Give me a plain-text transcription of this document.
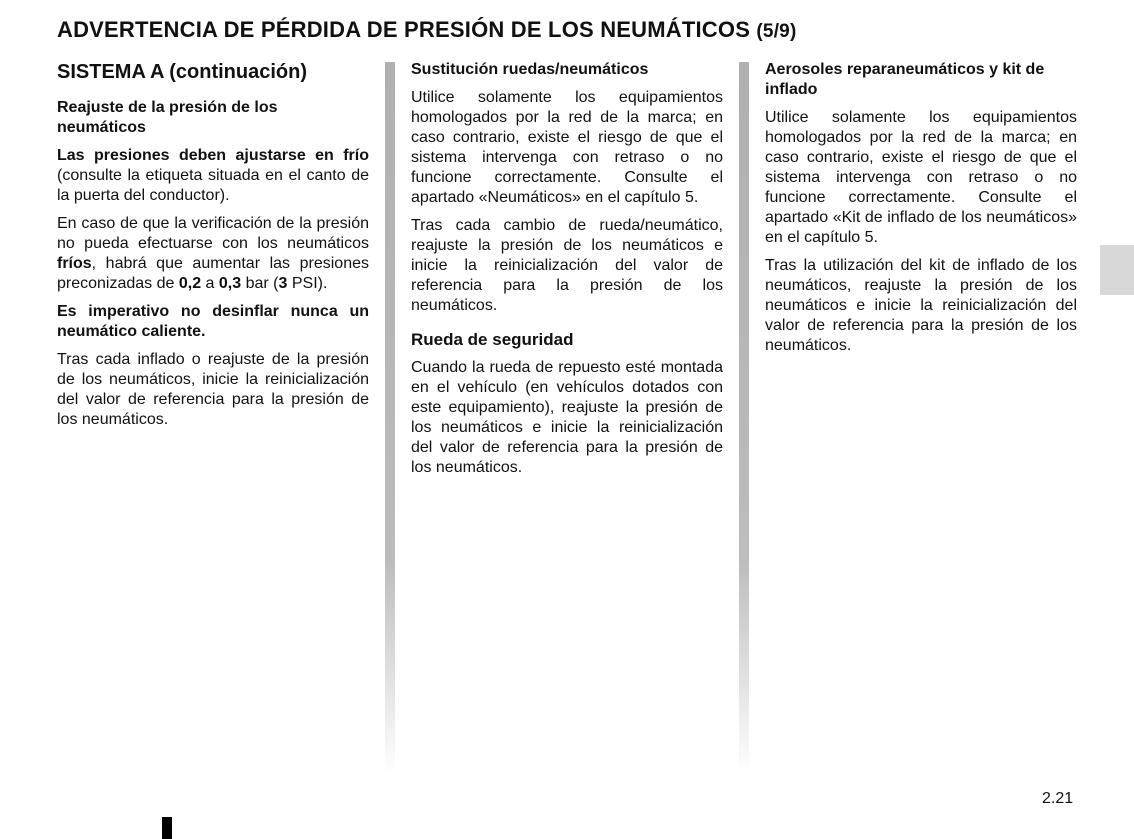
ADVERTENCIA DE PÉRDIDA DE PRESIÓN DE LOS NEUMÁTICOS (5/9)
SISTEMA A (continuación)
Reajuste de la presión de los neumáticos

Las presiones deben ajustarse en frío (consulte la etiqueta situada en el canto de la puerta del conductor).

En caso de que la verificación de la presión no pueda efectuarse con los neumáticos fríos, habrá que aumentar las presiones preconizadas de 0,2 a 0,3 bar (3 PSI).

Es imperativo no desinflar nunca un neumático caliente.

Tras cada inflado o reajuste de la presión de los neumáticos, inicie la reinicialización del valor de referencia para la presión de los neumáticos.

Sustitución ruedas/neumáticos

Utilice solamente los equipamientos homologados por la red de la marca; en caso contrario, existe el riesgo de que el sistema intervenga con retraso o no funcione correctamente. Consulte el apartado «Neumáticos» en el capítulo 5.

Tras cada cambio de rueda/neumático, reajuste la presión de los neumáticos e inicie la reinicialización del valor de referencia para la presión de los neumáticos.

Rueda de seguridad

Cuando la rueda de repuesto esté montada en el vehículo (en vehículos dotados con este equipamiento), reajuste la presión de los neumáticos e inicie la reinicialización del valor de referencia para la presión de los neumáticos.

Aerosoles reparaneumáticos y kit de inflado

Utilice solamente los equipamientos homologados por la red de la marca; en caso contrario, existe el riesgo de que el sistema intervenga con retraso o no funcione correctamente. Consulte el apartado «Kit de inflado de los neumáticos» en el capítulo 5.

Tras la utilización del kit de inflado de los neumáticos, reajuste la presión de los neumáticos e inicie la reinicialización del valor de referencia para la presión de los neumáticos.

2.21
